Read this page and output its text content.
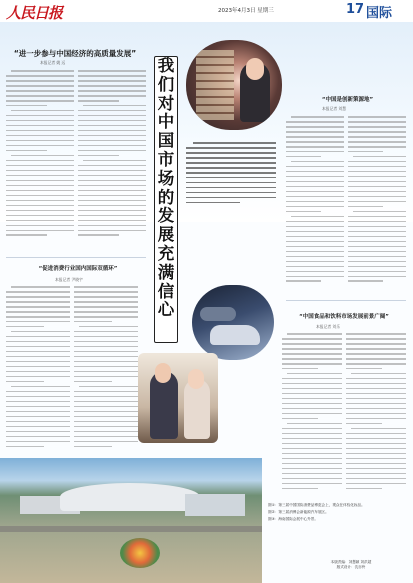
人民日报	2023年4月3日 星期三	17 国际
“进一步参与中国经济的高质量发展”
本报记者 姚 远
“促进消费行业国内国际双循环”
本报记者 尹晓宇
我
们
对
中
国
市
场
的
发
展
充
满
信
心
“中国是创新策源地”
本报记者 刘慧
“中国食品和饮料市场发展前景广阔”
本报记者 刘乐
图①：第三届中国国际消费品博览会上，观众在体验化妆品。
图②：第三届消博会新能源汽车展区。
图③：海南国际会展中心外景。
本版责编：刘慧颖 刘洪超
版式设计：沈亦伶
